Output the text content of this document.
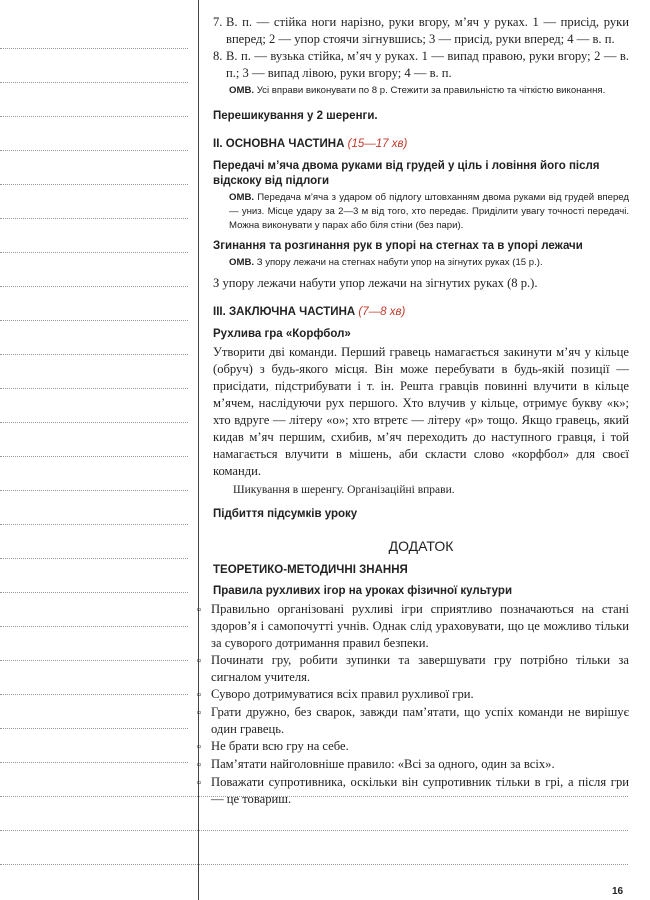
7. В. п. — стійка ноги нарізно, руки вгору, м’яч у руках. 1 — присід, руки вперед; 2 — упор стоячи зігнувшись; 3 — присід, руки вперед; 4 — в. п.
8. В. п. — вузька стійка, м’яч у руках. 1 — випад правою, руки вгору; 2 — в. п.; 3 — випад лівою, руки вгору; 4 — в. п.
ОМВ. Усі вправи виконувати по 8 р. Стежити за правильністю та чіткістю виконання.
Перешикування у 2 шеренги.
ІІ. ОСНОВНА ЧАСТИНА (15—17 хв)
Передачі м’яча двома руками від грудей у ціль і ловіння його після відскоку від підлоги
ОМВ. Передача м’яча з ударом об підлогу штовханням двома руками від грудей вперед — униз. Місце удару за 2—3 м від того, хто передає. Приділити увагу точності передачі. Можна виконувати у парах або біля стіни (без пари).
Згинання та розгинання рук в упорі на стегнах та в упорі лежачи
ОМВ. З упору лежачи на стегнах набути упор на зігнутих руках (15 р.).

З упору лежачи набути упор лежачи на зігнутих руках (8 р.).

ІІІ. ЗАКЛЮЧНА ЧАСТИНА (7—8 хв)
Рухлива гра «Корфбол»

Утворити дві команди. Перший гравець намагається закинути м’яч у кільце (обруч) з будь-якого місця. Він може перебувати в будь-якій позиції — присідати, підстрибувати і т. ін. Решта гравців повинні влучити в кільце м’ячем, наслідуючи рух першого. Хто влучив у кільце, отримує букву «к»; хто вдруге — літеру «о»; хто втретє — літеру «р» тощо. Якщо гравець, який кидав м’яч першим, схибив, м’яч переходить до наступного гравця, і той намагається влучити в мішень, аби скласти слово «корфбол» для своєї команди.

Шикування в шеренгу. Організаційні вправи.

Підбиття підсумків уроку
ДОДАТОК
ТЕОРЕТИКО-МЕТОДИЧНІ ЗНАННЯ
Правила рухливих ігор на уроках фізичної культури
▫ Правильно організовані рухливі ігри сприятливо позначаються на стані здоров’я і самопочутті учнів. Однак слід ураховувати, що це можливо тільки за суворого дотримання правил безпеки.
▫ Починати гру, робити зупинки та завершувати гру потрібно тільки за сигналом учителя.
▫ Суворо дотримуватися всіх правил рухливої гри.
▫ Грати дружно, без сварок, завжди пам’ятати, що успіх команди не вирішує один гравець.
▫ Не брати всю гру на себе.
▫ Пам’ятати найголовніше правило: «Всі за одного, один за всіх».
▫ Поважати супротивника, оскільки він супротивник тільки в грі, а після гри — це товариш.
16
